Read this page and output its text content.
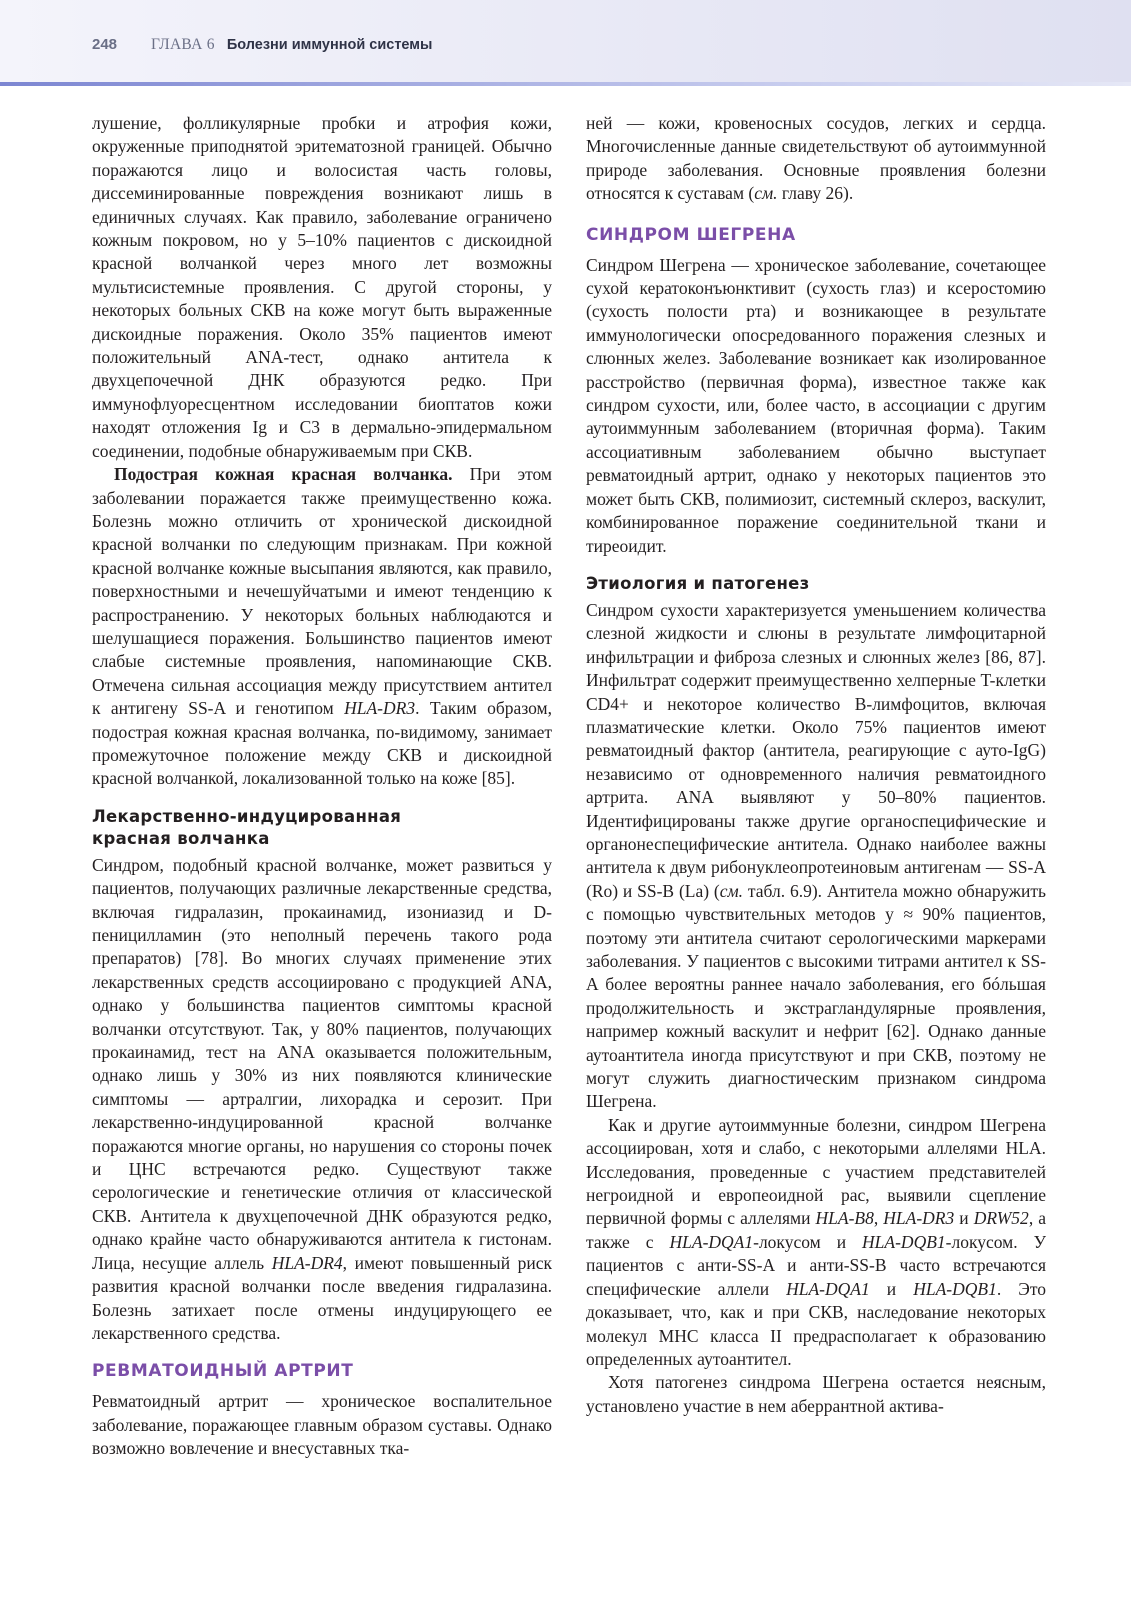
248 ГЛАВА 6 Болезни иммунной системы

лушение, фолликулярные пробки и атрофия кожи, окруженные приподнятой эритематозной границей. Обычно поражаются лицо и волосистая часть головы, диссеминированные повреждения возникают лишь в единичных случаях. Как правило, заболевание ограничено кожным покровом, но у 5–10% пациентов с дискоидной красной волчанкой через много лет возможны мультисистемные проявления. С другой стороны, у некоторых больных СКВ на коже могут быть выраженные дискоидные поражения. Около 35% пациентов имеют положительный ANA-тест, однако антитела к двухцепочечной ДНК образуются редко. При иммунофлуоресцентном исследовании биоптатов кожи находят отложения Ig и C3 в дермально-эпидермальном соединении, подобные обнаруживаемым при СКВ.

Подострая кожная красная волчанка. При этом заболевании поражается также преимущественно кожа. Болезнь можно отличить от хронической дискоидной красной волчанки по следующим признакам. При кожной красной волчанке кожные высыпания являются, как правило, поверхностными и нечешуйчатыми и имеют тенденцию к распространению. У некоторых больных наблюдаются и шелушащиеся поражения. Большинство пациентов имеют слабые системные проявления, напоминающие СКВ. Отмечена сильная ассоциация между присутствием антител к антигену SS-A и генотипом HLA-DR3. Таким образом, подострая кожная красная волчанка, по-видимому, занимает промежуточное положение между СКВ и дискоидной красной волчанкой, локализованной только на коже [85].

Лекарственно-индуцированная
красная волчанка

Синдром, подобный красной волчанке, может развиться у пациентов, получающих различные лекарственные средства, включая гидралазин, прокаинамид, изониазид и D-пеницилламин (это неполный перечень такого рода препаратов) [78]. Во многих случаях применение этих лекарственных средств ассоциировано с продукцией ANA, однако у большинства пациентов симптомы красной волчанки отсутствуют. Так, у 80% пациентов, получающих прокаинамид, тест на ANA оказывается положительным, однако лишь у 30% из них появляются клинические симптомы — артралгии, лихорадка и серозит. При лекарственно-индуцированной красной волчанке поражаются многие органы, но нарушения со стороны почек и ЦНС встречаются редко. Существуют также серологические и генетические отличия от классической СКВ. Антитела к двухцепочечной ДНК образуются редко, однако крайне часто обнаруживаются антитела к гистонам. Лица, несущие аллель HLA-DR4, имеют повышенный риск развития красной волчанки после введения гидралазина. Болезнь затихает после отмены индуцирующего ее лекарственного средства.

РЕВМАТОИДНЫЙ АРТРИТ

Ревматоидный артрит — хроническое воспалительное заболевание, поражающее главным образом суставы. Однако возможно вовлечение и внесуставных тка-

ней — кожи, кровеносных сосудов, легких и сердца. Многочисленные данные свидетельствуют об аутоиммунной природе заболевания. Основные проявления болезни относятся к суставам (см. главу 26).

СИНДРОМ ШЕГРЕНА

Синдром Шегрена — хроническое заболевание, сочетающее сухой кератоконъюнктивит (сухость глаз) и ксеростомию (сухость полости рта) и возникающее в результате иммунологически опосредованного поражения слезных и слюнных желез. Заболевание возникает как изолированное расстройство (первичная форма), известное также как синдром сухости, или, более часто, в ассоциации с другим аутоиммунным заболеванием (вторичная форма). Таким ассоциативным заболеванием обычно выступает ревматоидный артрит, однако у некоторых пациентов это может быть СКВ, полимиозит, системный склероз, васкулит, комбинированное поражение соединительной ткани и тиреоидит.

Этиология и патогенез

Синдром сухости характеризуется уменьшением количества слезной жидкости и слюны в результате лимфоцитарной инфильтрации и фиброза слезных и слюнных желез [86, 87]. Инфильтрат содержит преимущественно хелперные T-клетки CD4+ и некоторое количество B-лимфоцитов, включая плазматические клетки. Около 75% пациентов имеют ревматоидный фактор (антитела, реагирующие с ауто-IgG) независимо от одновременного наличия ревматоидного артрита. ANA выявляют у 50–80% пациентов. Идентифицированы также другие органоспецифические и органонеспецифические антитела. Однако наиболее важны антитела к двум рибонуклеопротеиновым антигенам — SS-A (Ro) и SS-B (La) (см. табл. 6.9). Антитела можно обнаружить с помощью чувствительных методов у ≈ 90% пациентов, поэтому эти антитела считают серологическими маркерами заболевания. У пациентов с высокими титрами антител к SS-A более вероятны раннее начало заболевания, его бóльшая продолжительность и экстрагландулярные проявления, например кожный васкулит и нефрит [62]. Однако данные аутоантитела иногда присутствуют и при СКВ, поэтому не могут служить диагностическим признаком синдрома Шегрена.

Как и другие аутоиммунные болезни, синдром Шегрена ассоциирован, хотя и слабо, с некоторыми аллелями HLA. Исследования, проведенные с участием представителей негроидной и европеоидной рас, выявили сцепление первичной формы с аллелями HLA-B8, HLA-DR3 и DRW52, а также с HLA-DQA1-локусом и HLA-DQB1-локусом. У пациентов с анти-SS-A и анти-SS-B часто встречаются специфические аллели HLA-DQA1 и HLA-DQB1. Это доказывает, что, как и при СКВ, наследование некоторых молекул MHC класса II предрасполагает к образованию определенных аутоантител.

Хотя патогенез синдрома Шегрена остается неясным, установлено участие в нем аберрантной актива-
